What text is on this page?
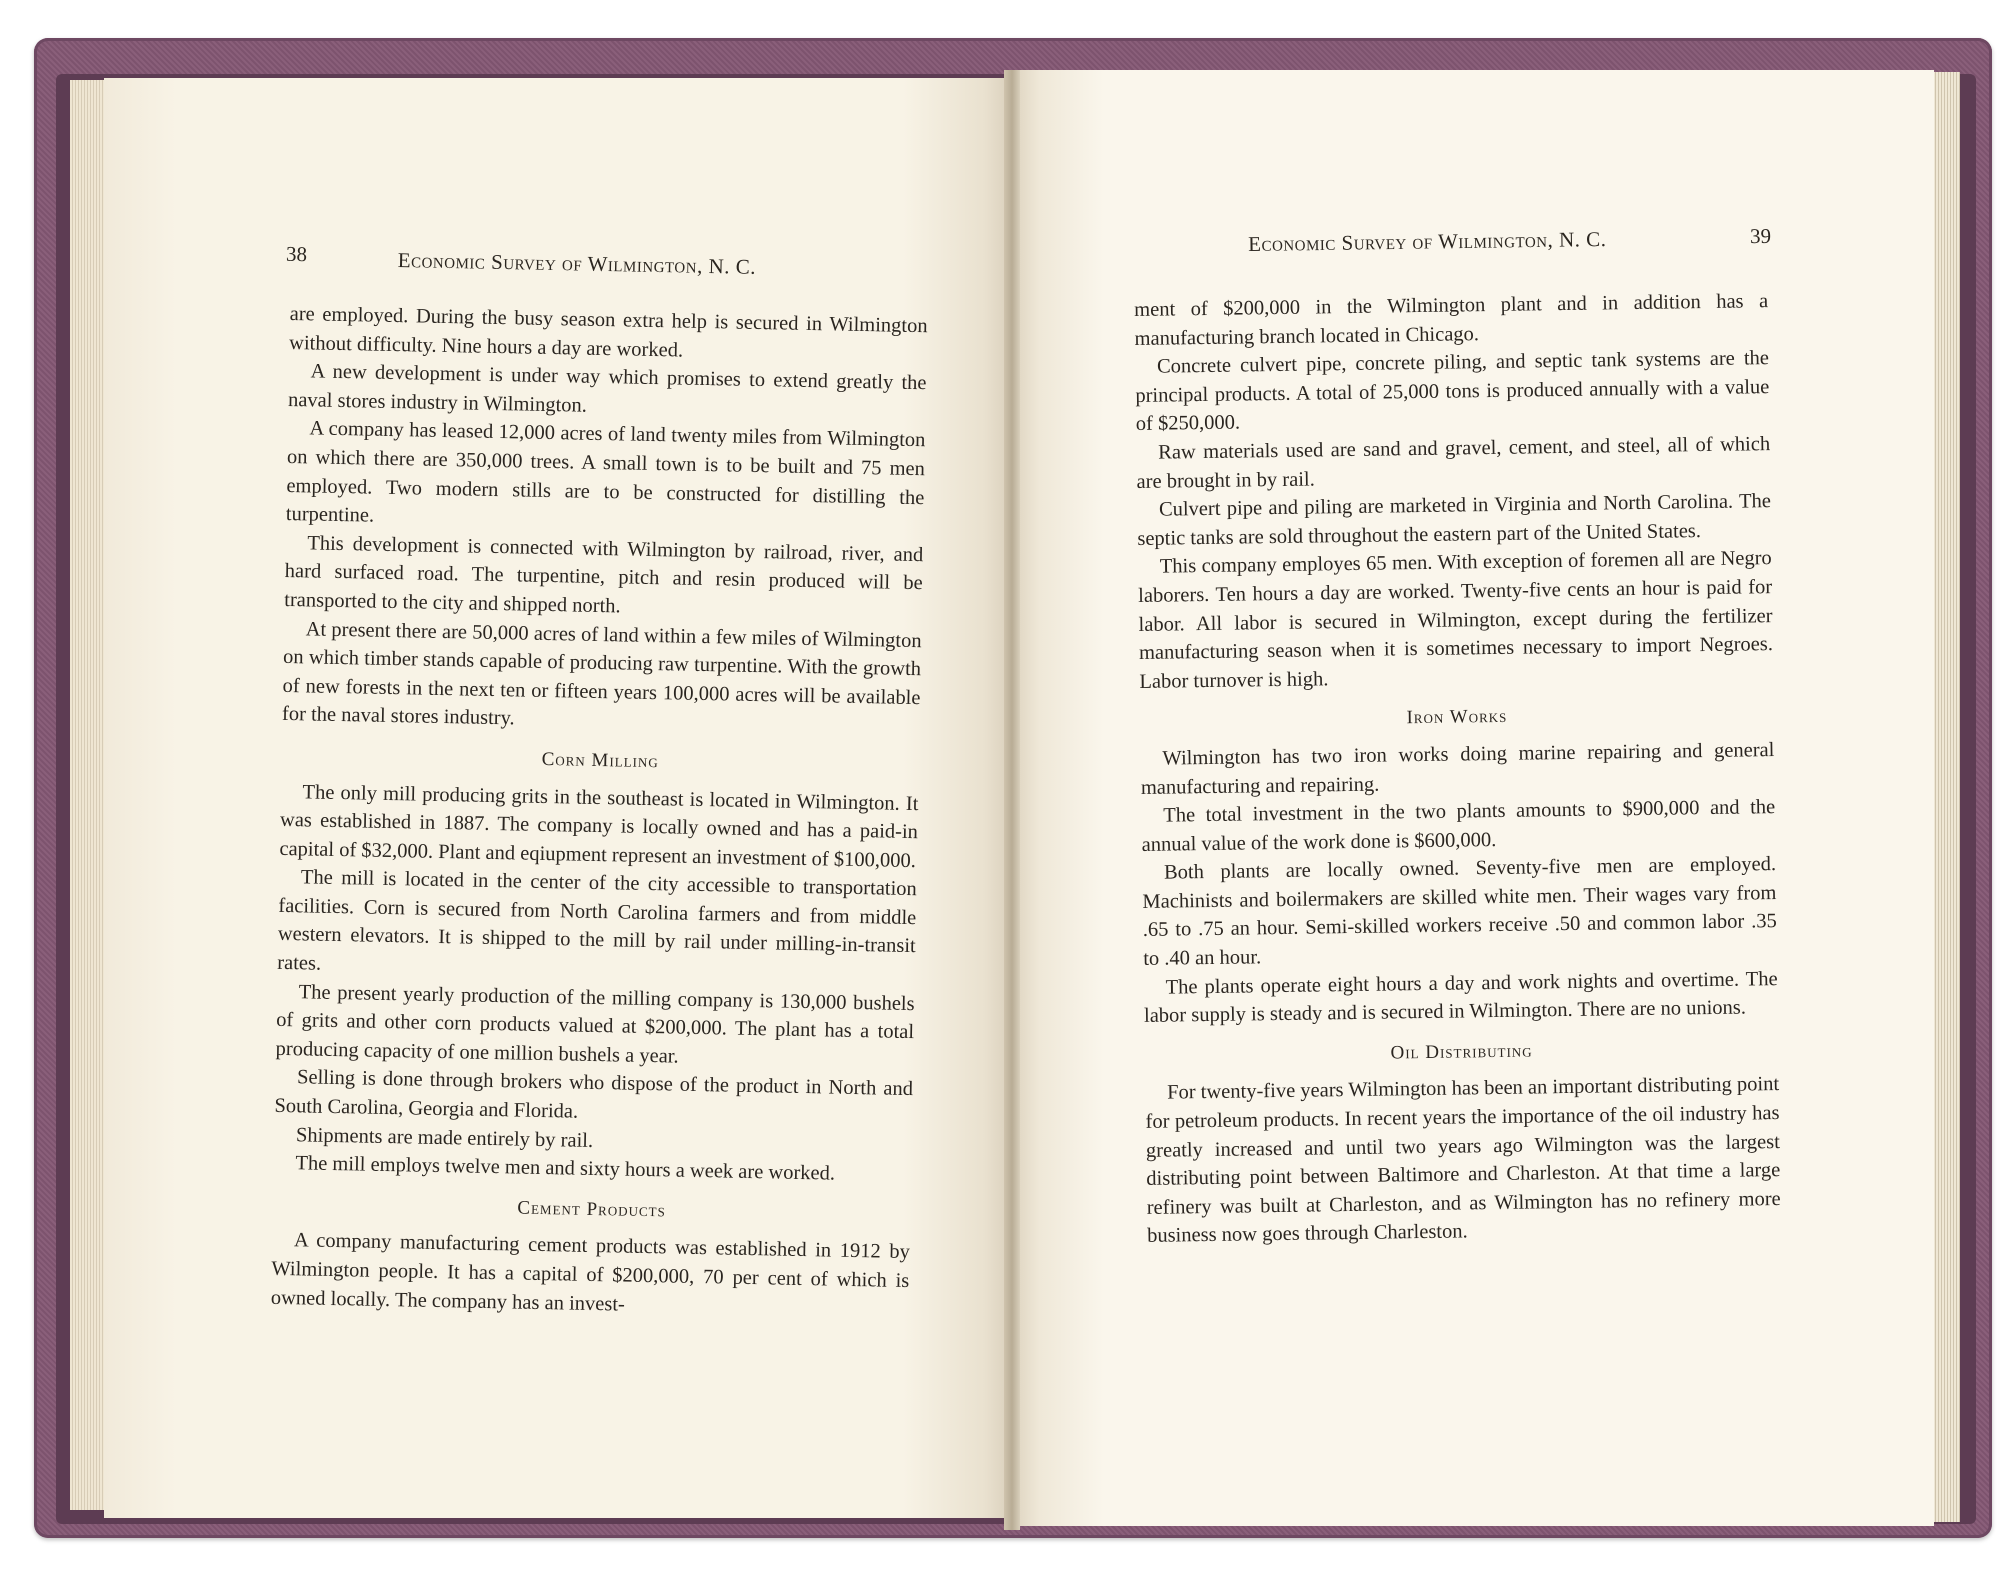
38	Economic Survey of Wilmington, N. C.
Economic Survey of Wilmington, N. C.	39

are employed. During the busy season extra help is secured in Wilmington without difficulty. Nine hours a day are worked.

A new development is under way which promises to extend greatly the naval stores industry in Wilmington.

A company has leased 12,000 acres of land twenty miles from Wilmington on which there are 350,000 trees. A small town is to be built and 75 men employed. Two modern stills are to be constructed for distilling the turpentine.

This development is connected with Wilmington by railroad, river, and hard surfaced road. The turpentine, pitch and resin produced will be transported to the city and shipped north.

At present there are 50,000 acres of land within a few miles of Wilmington on which timber stands capable of producing raw turpentine. With the growth of new forests in the next ten or fifteen years 100,000 acres will be available for the naval stores industry.

Corn Milling

The only mill producing grits in the southeast is located in Wilmington. It was established in 1887. The company is locally owned and has a paid-in capital of $32,000. Plant and eqiupment represent an investment of $100,000.

The mill is located in the center of the city accessible to transportation facilities. Corn is secured from North Carolina farmers and from middle western elevators. It is shipped to the mill by rail under milling-in-transit rates.

The present yearly production of the milling company is 130,000 bushels of grits and other corn products valued at $200,000. The plant has a total producing capacity of one million bushels a year.

Selling is done through brokers who dispose of the product in North and South Carolina, Georgia and Florida.

Shipments are made entirely by rail.

The mill employs twelve men and sixty hours a week are worked.

Cement Products

A company manufacturing cement products was established in 1912 by Wilmington people. It has a capital of $200,000, 70 per cent of which is owned locally. The company has an invest-

ment of $200,000 in the Wilmington plant and in addition has a manufacturing branch located in Chicago.

Concrete culvert pipe, concrete piling, and septic tank systems are the principal products. A total of 25,000 tons is produced annually with a value of $250,000.

Raw materials used are sand and gravel, cement, and steel, all of which are brought in by rail.

Culvert pipe and piling are marketed in Virginia and North Carolina. The septic tanks are sold throughout the eastern part of the United States.

This company employes 65 men. With exception of foremen all are Negro laborers. Ten hours a day are worked. Twenty-five cents an hour is paid for labor. All labor is secured in Wilmington, except during the fertilizer manufacturing season when it is sometimes necessary to import Negroes. Labor turnover is high.

Iron Works

Wilmington has two iron works doing marine repairing and general manufacturing and repairing.

The total investment in the two plants amounts to $900,000 and the annual value of the work done is $600,000.

Both plants are locally owned. Seventy-five men are employed. Machinists and boilermakers are skilled white men. Their wages vary from .65 to .75 an hour. Semi-skilled workers receive .50 and common labor .35 to .40 an hour.

The plants operate eight hours a day and work nights and overtime. The labor supply is steady and is secured in Wilmington. There are no unions.

Oil Distributing

For twenty-five years Wilmington has been an important distributing point for petroleum products. In recent years the importance of the oil industry has greatly increased and until two years ago Wilmington was the largest distributing point between Baltimore and Charleston. At that time a large refinery was built at Charleston, and as Wilmington has no refinery more business now goes through Charleston.
